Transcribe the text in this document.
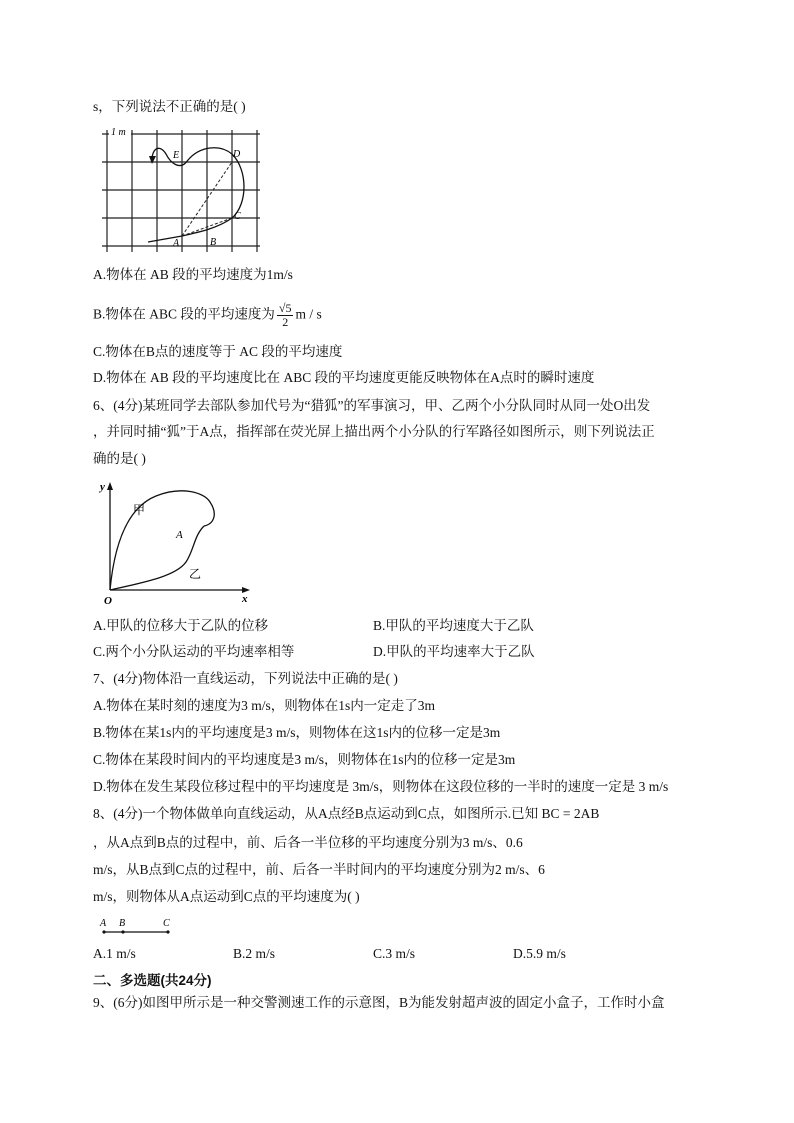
s，下列说法不正确的是( )
1 m
A	B
C
D
E
A.物体在 AB 段的平均速度为1m/s
B.物体在 ABC 段的平均速度为 $\frac{√5}{2}$ m / s
C.物体在B点的速度等于 AC 段的平均速度
D.物体在 AB 段的平均速度比在 ABC 段的平均速度更能反映物体在A点时的瞬时速度
6、(4分)某班同学去部队参加代号为“猎狐”的军事演习，甲、乙两个小分队同时从同一处O出发
，并同时捕“狐”于A点，指挥部在荧光屏上描出两个小分队的行军路径如图所示，则下列说法正
确的是( )
y
x
O
甲
A
乙
A.甲队的位移大于乙队的位移	B.甲队的平均速度大于乙队
C.两个小分队运动的平均速率相等	D.甲队的平均速率大于乙队
7、(4分)物体沿一直线运动，下列说法中正确的是( )
A.物体在某时刻的速度为3 m/s，则物体在1s内一定走了3m
B.物体在某1s内的平均速度是3 m/s，则物体在这1s内的位移一定是3m
C.物体在某段时间内的平均速度是3 m/s，则物体在1s内的位移一定是3m
D.物体在发生某段位移过程中的平均速度是 3m/s，则物体在这段位移的一半时的速度一定是 3 m/s
8、(4分)一个物体做单向直线运动，从A点经B点运动到C点，如图所示.已知 BC = 2AB
，从A点到B点的过程中，前、后各一半位移的平均速度分别为3 m/s、0.6
m/s，从B点到C点的过程中，前、后各一半时间内的平均速度分别为2 m/s、6
m/s，则物体从A点运动到C点的平均速度为( )
A B	C
A.1 m/s	B.2 m/s	C.3 m/s	D.5.9 m/s
二、多选题(共24分)
9、(6分)如图甲所示是一种交警测速工作的示意图，B为能发射超声波的固定小盒子，工作时小盒
